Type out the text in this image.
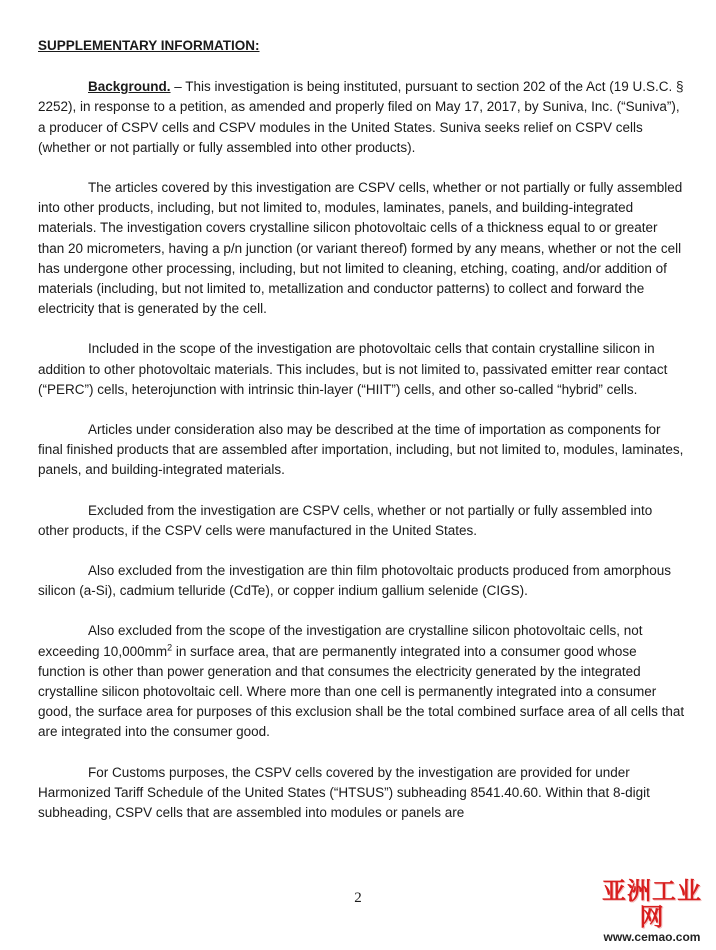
SUPPLEMENTARY INFORMATION:

Background. – This investigation is being instituted, pursuant to section 202 of the Act (19 U.S.C. § 2252), in response to a petition, as amended and properly filed on May 17, 2017, by Suniva, Inc. (“Suniva”), a producer of CSPV cells and CSPV modules in the United States. Suniva seeks relief on CSPV cells (whether or not partially or fully assembled into other products).

The articles covered by this investigation are CSPV cells, whether or not partially or fully assembled into other products, including, but not limited to, modules, laminates, panels, and building-integrated materials. The investigation covers crystalline silicon photovoltaic cells of a thickness equal to or greater than 20 micrometers, having a p/n junction (or variant thereof) formed by any means, whether or not the cell has undergone other processing, including, but not limited to cleaning, etching, coating, and/or addition of materials (including, but not limited to, metallization and conductor patterns) to collect and forward the electricity that is generated by the cell.

Included in the scope of the investigation are photovoltaic cells that contain crystalline silicon in addition to other photovoltaic materials. This includes, but is not limited to, passivated emitter rear contact (“PERC”) cells, heterojunction with intrinsic thin-layer (“HIIT”) cells, and other so-called “hybrid” cells.

Articles under consideration also may be described at the time of importation as components for final finished products that are assembled after importation, including, but not limited to, modules, laminates, panels, and building-integrated materials.

Excluded from the investigation are CSPV cells, whether or not partially or fully assembled into other products, if the CSPV cells were manufactured in the United States.

Also excluded from the investigation are thin film photovoltaic products produced from amorphous silicon (a-Si), cadmium telluride (CdTe), or copper indium gallium selenide (CIGS).

Also excluded from the scope of the investigation are crystalline silicon photovoltaic cells, not exceeding $10,000mm^2$ in surface area, that are permanently integrated into a consumer good whose function is other than power generation and that consumes the electricity generated by the integrated crystalline silicon photovoltaic cell. Where more than one cell is permanently integrated into a consumer good, the surface area for purposes of this exclusion shall be the total combined surface area of all cells that are integrated into the consumer good.

For Customs purposes, the CSPV cells covered by the investigation are provided for under Harmonized Tariff Schedule of the United States (“HTSUS”) subheading 8541.40.60. Within that 8-digit subheading, CSPV cells that are assembled into modules or panels are

2	亚洲工业网
www.cemao.com
